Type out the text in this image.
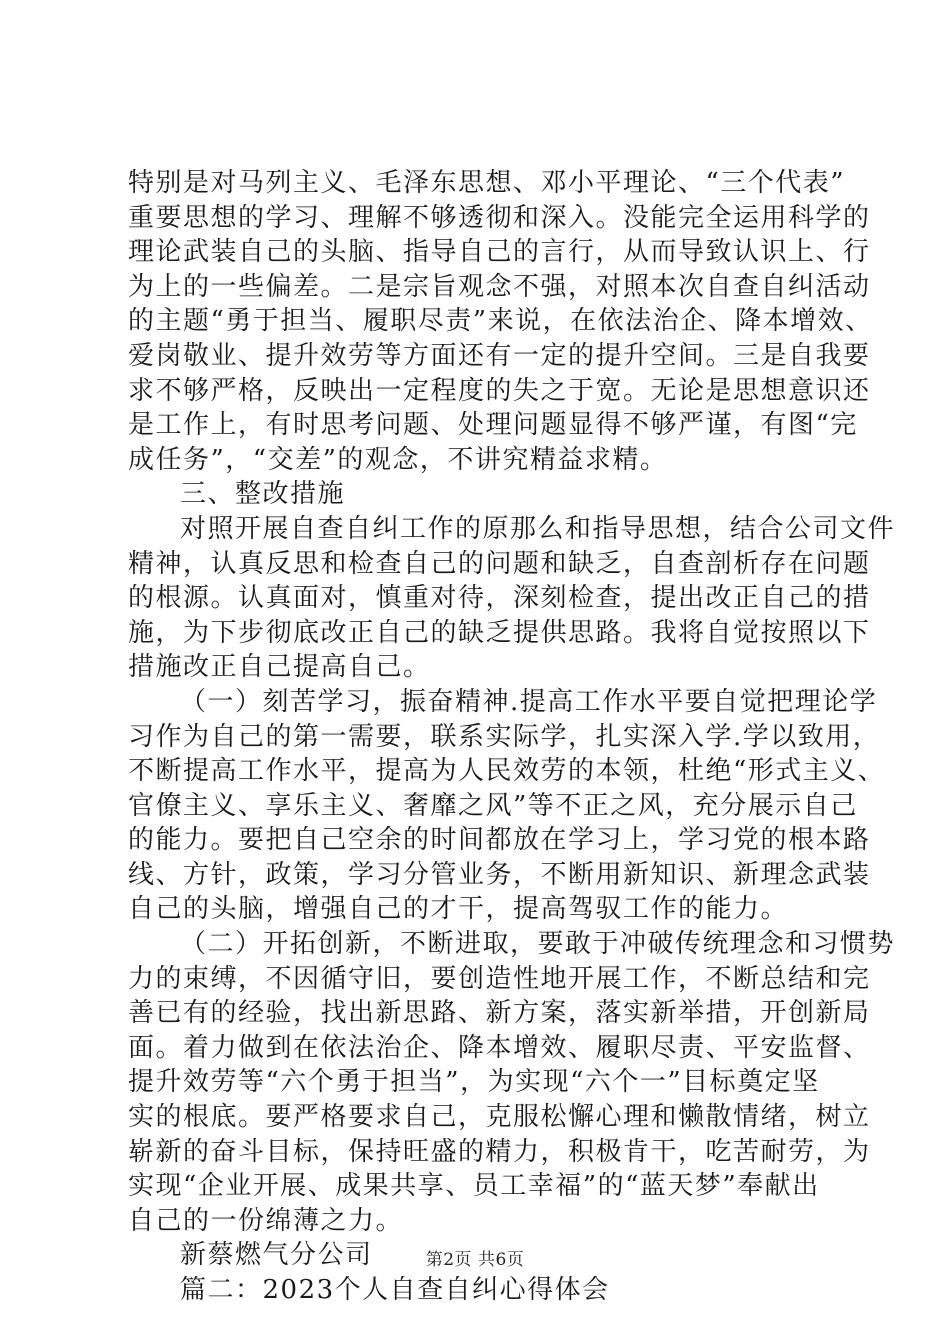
特别是对马列主义、毛泽东思想、邓小平理论、“三个代表”
重要思想的学习、理解不够透彻和深入。没能完全运用科学的
理论武装自己的头脑、指导自己的言行，从而导致认识上、行
为上的一些偏差。二是宗旨观念不强，对照本次自查自纠活动
的主题“勇于担当、履职尽责”来说，在依法治企、降本增效、
爱岗敬业、提升效劳等方面还有一定的提升空间。三是自我要
求不够严格，反映出一定程度的失之于宽。无论是思想意识还
是工作上，有时思考问题、处理问题显得不够严谨，有图“完
成任务”，“交差”的观念，不讲究精益求精。
三、整改措施
对照开展自查自纠工作的原那么和指导思想，结合公司文件
精神，认真反思和检查自己的问题和缺乏，自查剖析存在问题
的根源。认真面对，慎重对待，深刻检查，提出改正自己的措
施，为下步彻底改正自己的缺乏提供思路。我将自觉按照以下
措施改正自己提高自己。
（一）刻苦学习，振奋精神.提高工作水平要自觉把理论学
习作为自己的第一需要，联系实际学，扎实深入学.学以致用，
不断提高工作水平，提高为人民效劳的本领，杜绝“形式主义、
官僚主义、享乐主义、奢靡之风”等不正之风，充分展示自己
的能力。要把自己空余的时间都放在学习上，学习党的根本路
线、方针，政策，学习分管业务，不断用新知识、新理念武装
自己的头脑，增强自己的才干，提高驾驭工作的能力。
（二）开拓创新，不断进取，要敢于冲破传统理念和习惯势
力的束缚，不因循守旧，要创造性地开展工作，不断总结和完
善已有的经验，找出新思路、新方案，落实新举措，开创新局
面。着力做到在依法治企、降本增效、履职尽责、平安监督、
提升效劳等“六个勇于担当”，为实现“六个一”目标奠定坚
实的根底。要严格要求自己，克服松懈心理和懒散情绪，树立
崭新的奋斗目标，保持旺盛的精力，积极肯干，吃苦耐劳，为
实现“企业开展、成果共享、员工幸福”的“蓝天梦”奉献出
自己的一份绵薄之力。
新蔡燃气分公司
篇二：2023个人自查自纠心得体会
第2页 共6页
